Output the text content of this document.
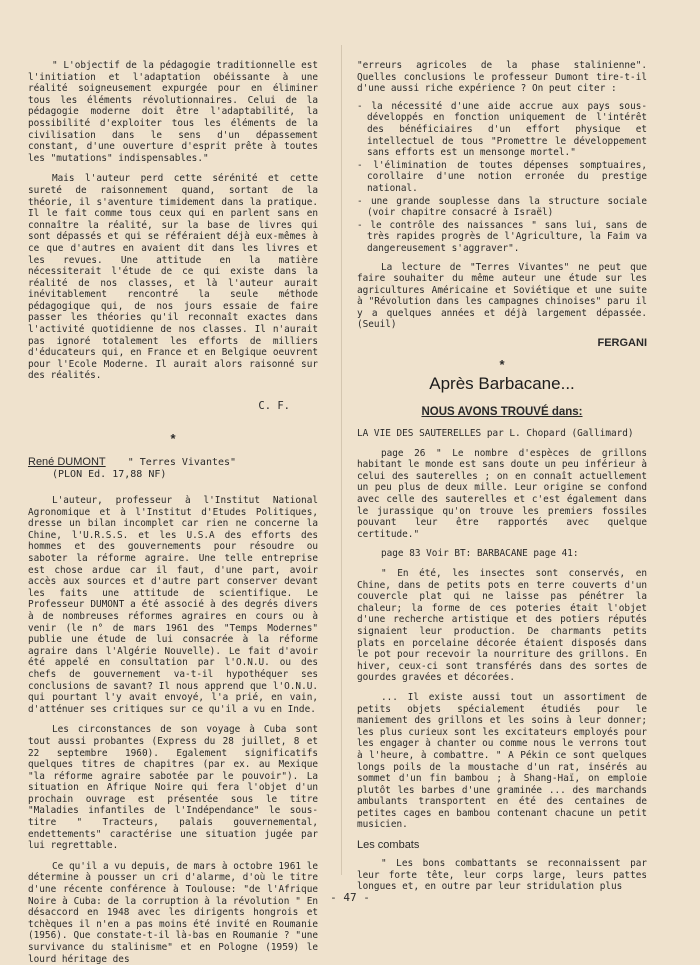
" L'objectif de la pédagogie traditionnelle est l'initiation et l'adaptation obéissante à une réalité soigneusement expurgée pour en éliminer tous les éléments révolutionnaires. Celui de la pédagogie moderne doit être l'adaptabilité, la possibilité d'exploiter tous les éléments de la civilisation dans le sens d'un dépassement constant, d'une ouverture d'esprit prête à toutes les "mutations" indispensables."

Mais l'auteur perd cette sérénité et cette sureté de raisonnement quand, sortant de la théorie, il s'aventure timidement dans la pratique. Il le fait comme tous ceux qui en parlent sans en connaître la réalité, sur la base de livres qui sont dépassés et qui se référaient déjà eux-mêmes à ce que d'autres en avaient dit dans les livres et les revues. Une attitude en la matière nécessiterait l'étude de ce qui existe dans la réalité de nos classes, et là l'auteur aurait inévitablement rencontré la seule méthode pédagogique qui, de nos jours essaie de faire passer les théories qu'il reconnaît exactes dans l'activité quotidienne de nos classes. Il n'aurait pas ignoré totalement les efforts de milliers d'éducateurs qui, en France et en Belgique oeuvrent pour l'Ecole Moderne. Il aurait alors raisonné sur des réalités.

C. F.
*
René DUMONT " Terres Vivantes"
(PLON Ed. 17,88 NF)

L'auteur, professeur à l'Institut National Agronomique et à l'Institut d'Etudes Politiques, dresse un bilan incomplet car rien ne concerne la Chine, l'U.R.S.S. et les U.S.A des efforts des hommes et des gouvernements pour résoudre ou saboter la réforme agraire. Une telle entreprise est chose ardue car il faut, d'une part, avoir accès aux sources et d'autre part conserver devant les faits une attitude de scientifique. Le Professeur DUMONT a été associé à des degrés divers à de nombreuses réformes agraires en cours ou à venir (le n° de mars 1961 des "Temps Modernes" publie une étude de lui consacrée à la réforme agraire dans l'Algérie Nouvelle). Le fait d'avoir été appelé en consultation par l'O.N.U. ou des chefs de gouvernement va-t-il hypothéquer ses conclusions de savant? Il nous apprend que l'O.N.U. qui pourtant l'y avait envoyé, l'a prié, en vain, d'atténuer ses critiques sur ce qu'il a vu en Inde.

Les circonstances de son voyage à Cuba sont tout aussi probantes (Express du 28 juillet, 8 et 22 septembre 1960). Egalement significatifs quelques titres de chapitres (par ex. au Mexique "la réforme agraire sabotée par le pouvoir"). La situation en Afrique Noire qui fera l'objet d'un prochain ouvrage est présentée sous le titre "Maladies infantiles de l'Indépendance" le sous-titre " Tracteurs, palais gouvernemental, endettements" caractérise une situation jugée par lui regrettable.

Ce qu'il a vu depuis, de mars à octobre 1961 le détermine à pousser un cri d'alarme, d'où le titre d'une récente conférence à Toulouse: "de l'Afrique Noire à Cuba: de la corruption à la révolution " En désaccord en 1948 avec les dirigents hongrois et tchèques il n'en a pas moins été invité en Roumanie (1956). Que constate-t-il là-bas en Roumanie ? "une survivance du stalinisme" et en Pologne (1959) le lourd héritage des

"erreurs agricoles de la phase stalinienne". Quelles conclusions le professeur Dumont tire-t-il d'une aussi riche expérience ? On peut citer :

- la nécessité d'une aide accrue aux pays sous-développés en fonction uniquement de l'intérêt des bénéficiaires d'un effort physique et intellectuel de tous "Promettre le développement sans efforts est un mensonge mortel."
- l'élimination de toutes dépenses somptuaires, corollaire d'une notion erronée du prestige national.
- une grande souplesse dans la structure sociale (voir chapitre consacré à Israël)
- le contrôle des naissances " sans lui, sans de très rapides progrès de l'Agriculture, la Faim va dangereusement s'aggraver".

La lecture de "Terres Vivantes" ne peut que faire souhaiter du même auteur une étude sur les agricultures Américaine et Soviétique et une suite à "Révolution dans les campagnes chinoises" paru il y a quelques années et déjà largement dépassée. (Seuil)

FERGANI
*
Après Barbacane...
NOUS AVONS TROUVÉ dans:

LA VIE DES SAUTERELLES par L. Chopard (Gallimard)

page 26 " Le nombre d'espèces de grillons habitant le monde est sans doute un peu inférieur à celui des sauterelles ; on en connaît actuellement un peu plus de deux mille. Leur origine se confond avec celle des sauterelles et c'est également dans le jurassique qu'on trouve les premiers fossiles pouvant leur être rapportés avec quelque certitude."

page 83 Voir BT: BARBACANE page 41:

" En été, les insectes sont conservés, en Chine, dans de petits pots en terre couverts d'un couvercle plat qui ne laisse pas pénétrer la chaleur; la forme de ces poteries était l'objet d'une recherche artistique et des potiers réputés signaient leur production. De charmants petits plats en porcelaine décorée étaient disposés dans le pot pour recevoir la nourriture des grillons. En hiver, ceux-ci sont transférés dans des sortes de gourdes gravées et décorées.

... Il existe aussi tout un assortiment de petits objets spécialement étudiés pour le maniement des grillons et les soins à leur donner; les plus curieux sont les excitateurs employés pour les engager à chanter ou comme nous le verrons tout à l'heure, à combattre. " A Pékin ce sont quelques longs poils de la moustache d'un rat, insérés au sommet d'un fin bambou ; à Shang-Haï, on emploie plutôt les barbes d'une graminée ... des marchands ambulants transportent en été des centaines de petites cages en bambou contenant chacune un petit musicien.

Les combats

" Les bons combattants se reconnaissent par leur forte tête, leur corps large, leurs pattes longues et, en outre par leur stridulation plus

- 47 -
